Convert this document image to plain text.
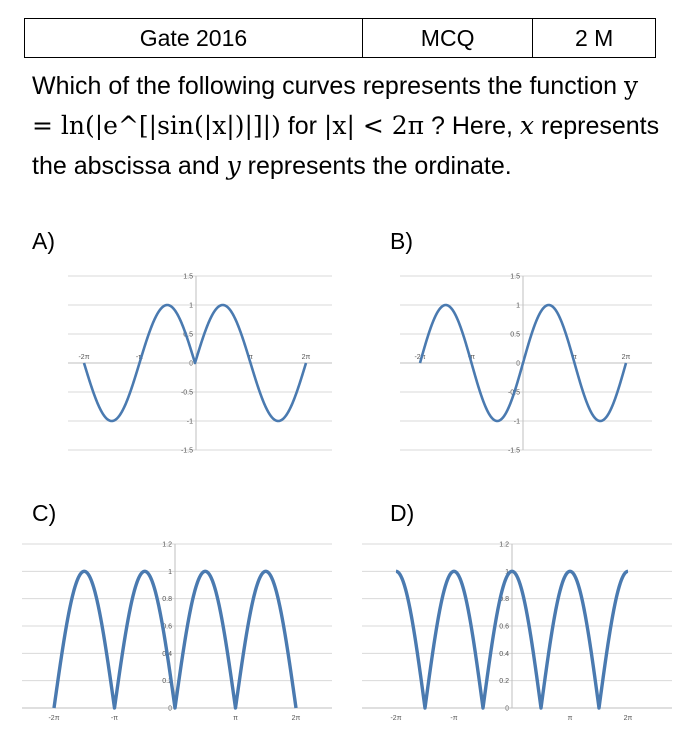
Gate 2016	MCQ	2 M
Which of the following curves represents the function y = ln(|e^[|sin(|x|)|]|) for |x| < 2π ? Here, x represents the abscissa and y represents the ordinate.
A)	B)
C)	D)
1.5
1
0.5
0
-0.5
-1
-1.5
-2π	-π	π	2π
1.5
1
0.5
0
-0.5
-1
-1.5
-2π	-π	π	2π
1.2
1
0.8
0.6
0.4
0.2
0
-2π	-π	π	2π
1.2
1
0.8
0.6
0.4
0.2
0
-2π	-π	π	2π
